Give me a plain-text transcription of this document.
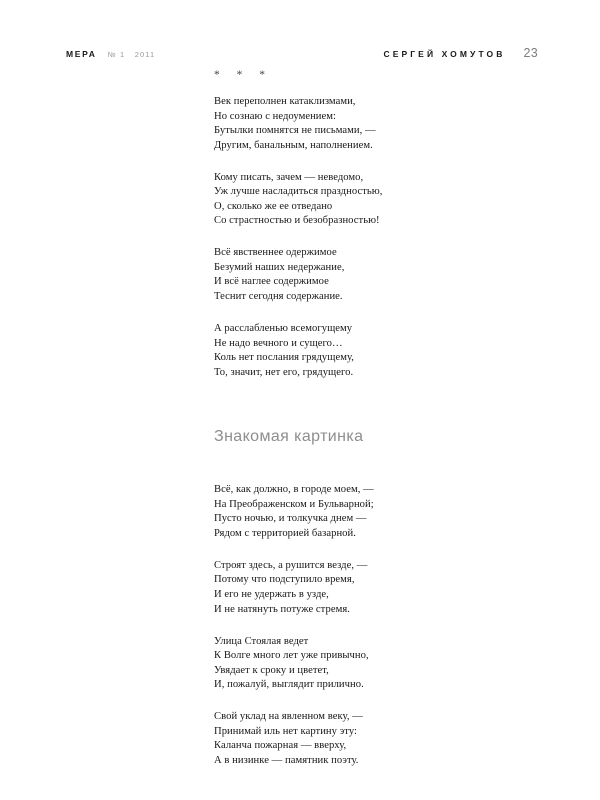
МЕРА № 1   2011	СЕРГЕЙ ХОМУТОВ 23
* * *
Век переполнен катаклизмами,
Но сознаю с недоумением:
Бутылки помнятся не письмами, —
Другим, банальным, наполнением.
Кому писать, зачем — неведомо,
Уж лучше насладиться праздностью,
О, сколько же ее отведано
Со страстностью и безобразностью!
Всё явственнее одержимое
Безумий наших недержание,
И всё наглее содержимое
Теснит сегодня содержание.
А расслабленью всемогущему
Не надо вечного и сущего…
Коль нет послания грядущему,
То, значит, нет его, грядущего.
Знакомая картинка
Всё, как должно, в городе моем, —
На Преображенском и Бульварной;
Пусто ночью, и толкучка днем —
Рядом с территорией базарной.
Строят здесь, а рушится везде, —
Потому что подступило время,
И его не удержать в узде,
И не натянуть потуже стремя.
Улица Стоялая ведет
К Волге много лет уже привычно,
Увядает к сроку и цветет,
И, пожалуй, выглядит прилично.
Свой уклад на явленном веку, —
Принимай иль нет картину эту:
Каланча пожарная — вверху,
А в низинке — памятник поэту.
